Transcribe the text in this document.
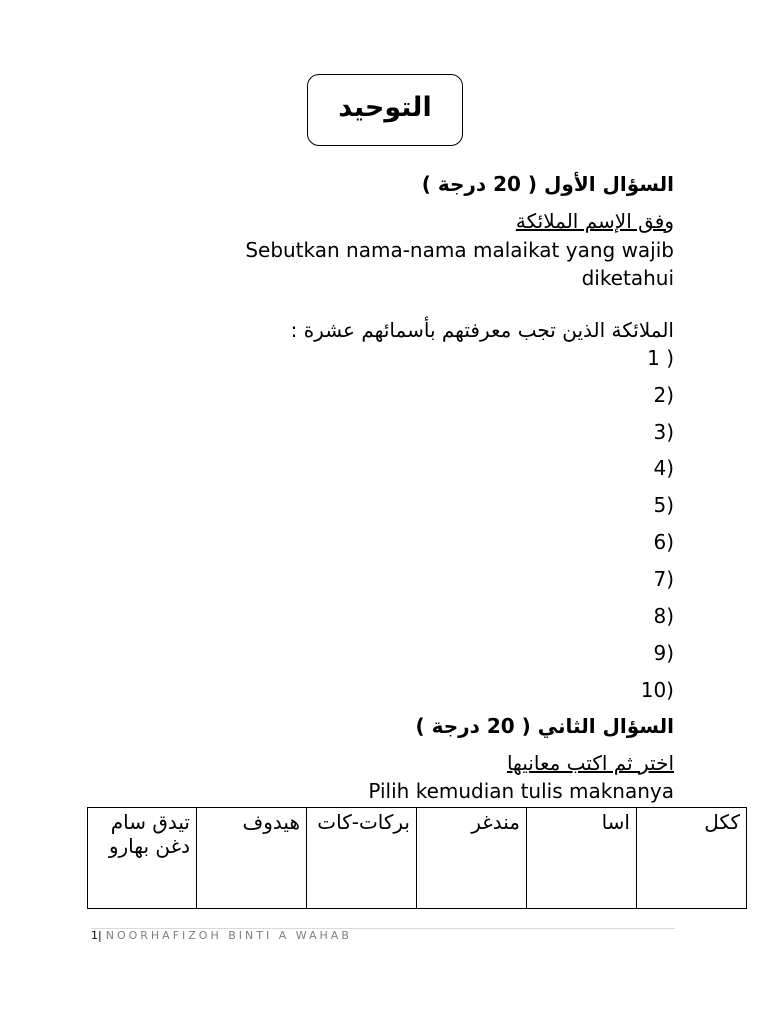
التوحيد
السؤال الأول ( 20 درجة )
وفق الإسم الملائكة
Sebutkan nama-nama malaikat yang wajib diketahui
الملائكة الذين تجب معرفتهم بأسمائهم عشرة :
1 )
2)
3)
4)
5)
6)
7)
8)
9)
10)
السؤال الثاني ( 20 درجة )
اختر ثم اكتب معانيها
Pilih kemudian tulis maknanya
ككل	اسا	مندغر	بركات-كات	هيدوف	تيدق سام دغن بهارو
1| NOORHAFIZOH BINTI A WAHAB
